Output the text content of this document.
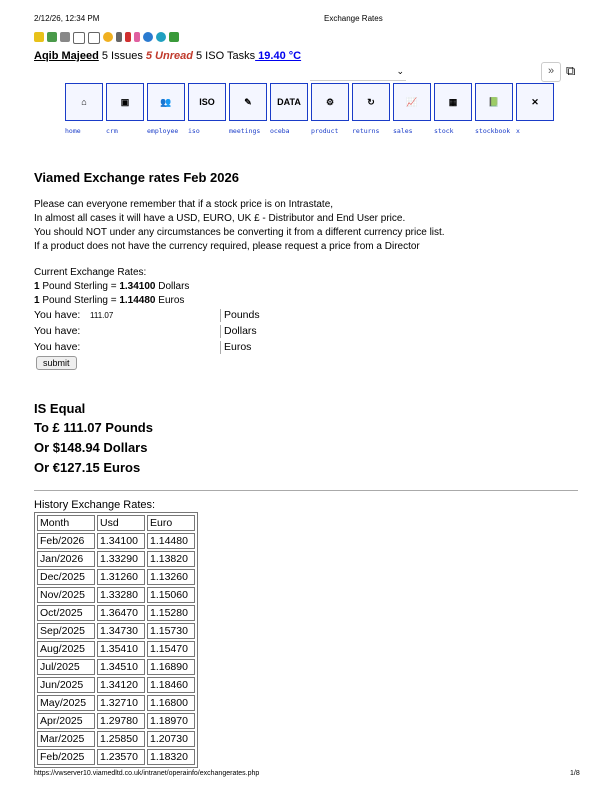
2/12/26, 12:34 PM	Exchange Rates
Aqib Majeed 5 Issues 5 Unread 5 ISO Tasks 19.40 °C
⌄	» ⧉
⌂	▣	👥	ISO	✎	DATA	⚙	↻	📈	▦	📗	✕
home	crm	employee	iso	meetings	oceba	product	returns	sales	stock	stockbook x
Viamed Exchange rates Feb 2026
Please can everyone remember that if a stock price is on Intrastate,
In almost all cases it will have a USD, EURO, UK £ - Distributor and End User price.
You should NOT under any circumstances be converting it from a different currency price list.
If a product does not have the currency required, please request a price from a Director
Current Exchange Rates:
1 Pound Sterling = 1.34100 Dollars
1 Pound Sterling = 1.14480 Euros
You have:	111.07	Pounds
You have:	Dollars
You have:	Euros
submit
IS Equal
To £ 111.07 Pounds
Or $148.94 Dollars
Or €127.15 Euros
History Exchange Rates:
Month	Usd	Euro
Feb/2026	1.34100	1.14480
Jan/2026	1.33290	1.13820
Dec/2025	1.31260	1.13260
Nov/2025	1.33280	1.15060
Oct/2025	1.36470	1.15280
Sep/2025	1.34730	1.15730
Aug/2025	1.35410	1.15470
Jul/2025	1.34510	1.16890
Jun/2025	1.34120	1.18460
May/2025	1.32710	1.16800
Apr/2025	1.29780	1.18970
Mar/2025	1.25850	1.20730
Feb/2025	1.23570	1.18320
https://vwserver10.viamedltd.co.uk/intranet/operainfo/exchangerates.php	1/8
